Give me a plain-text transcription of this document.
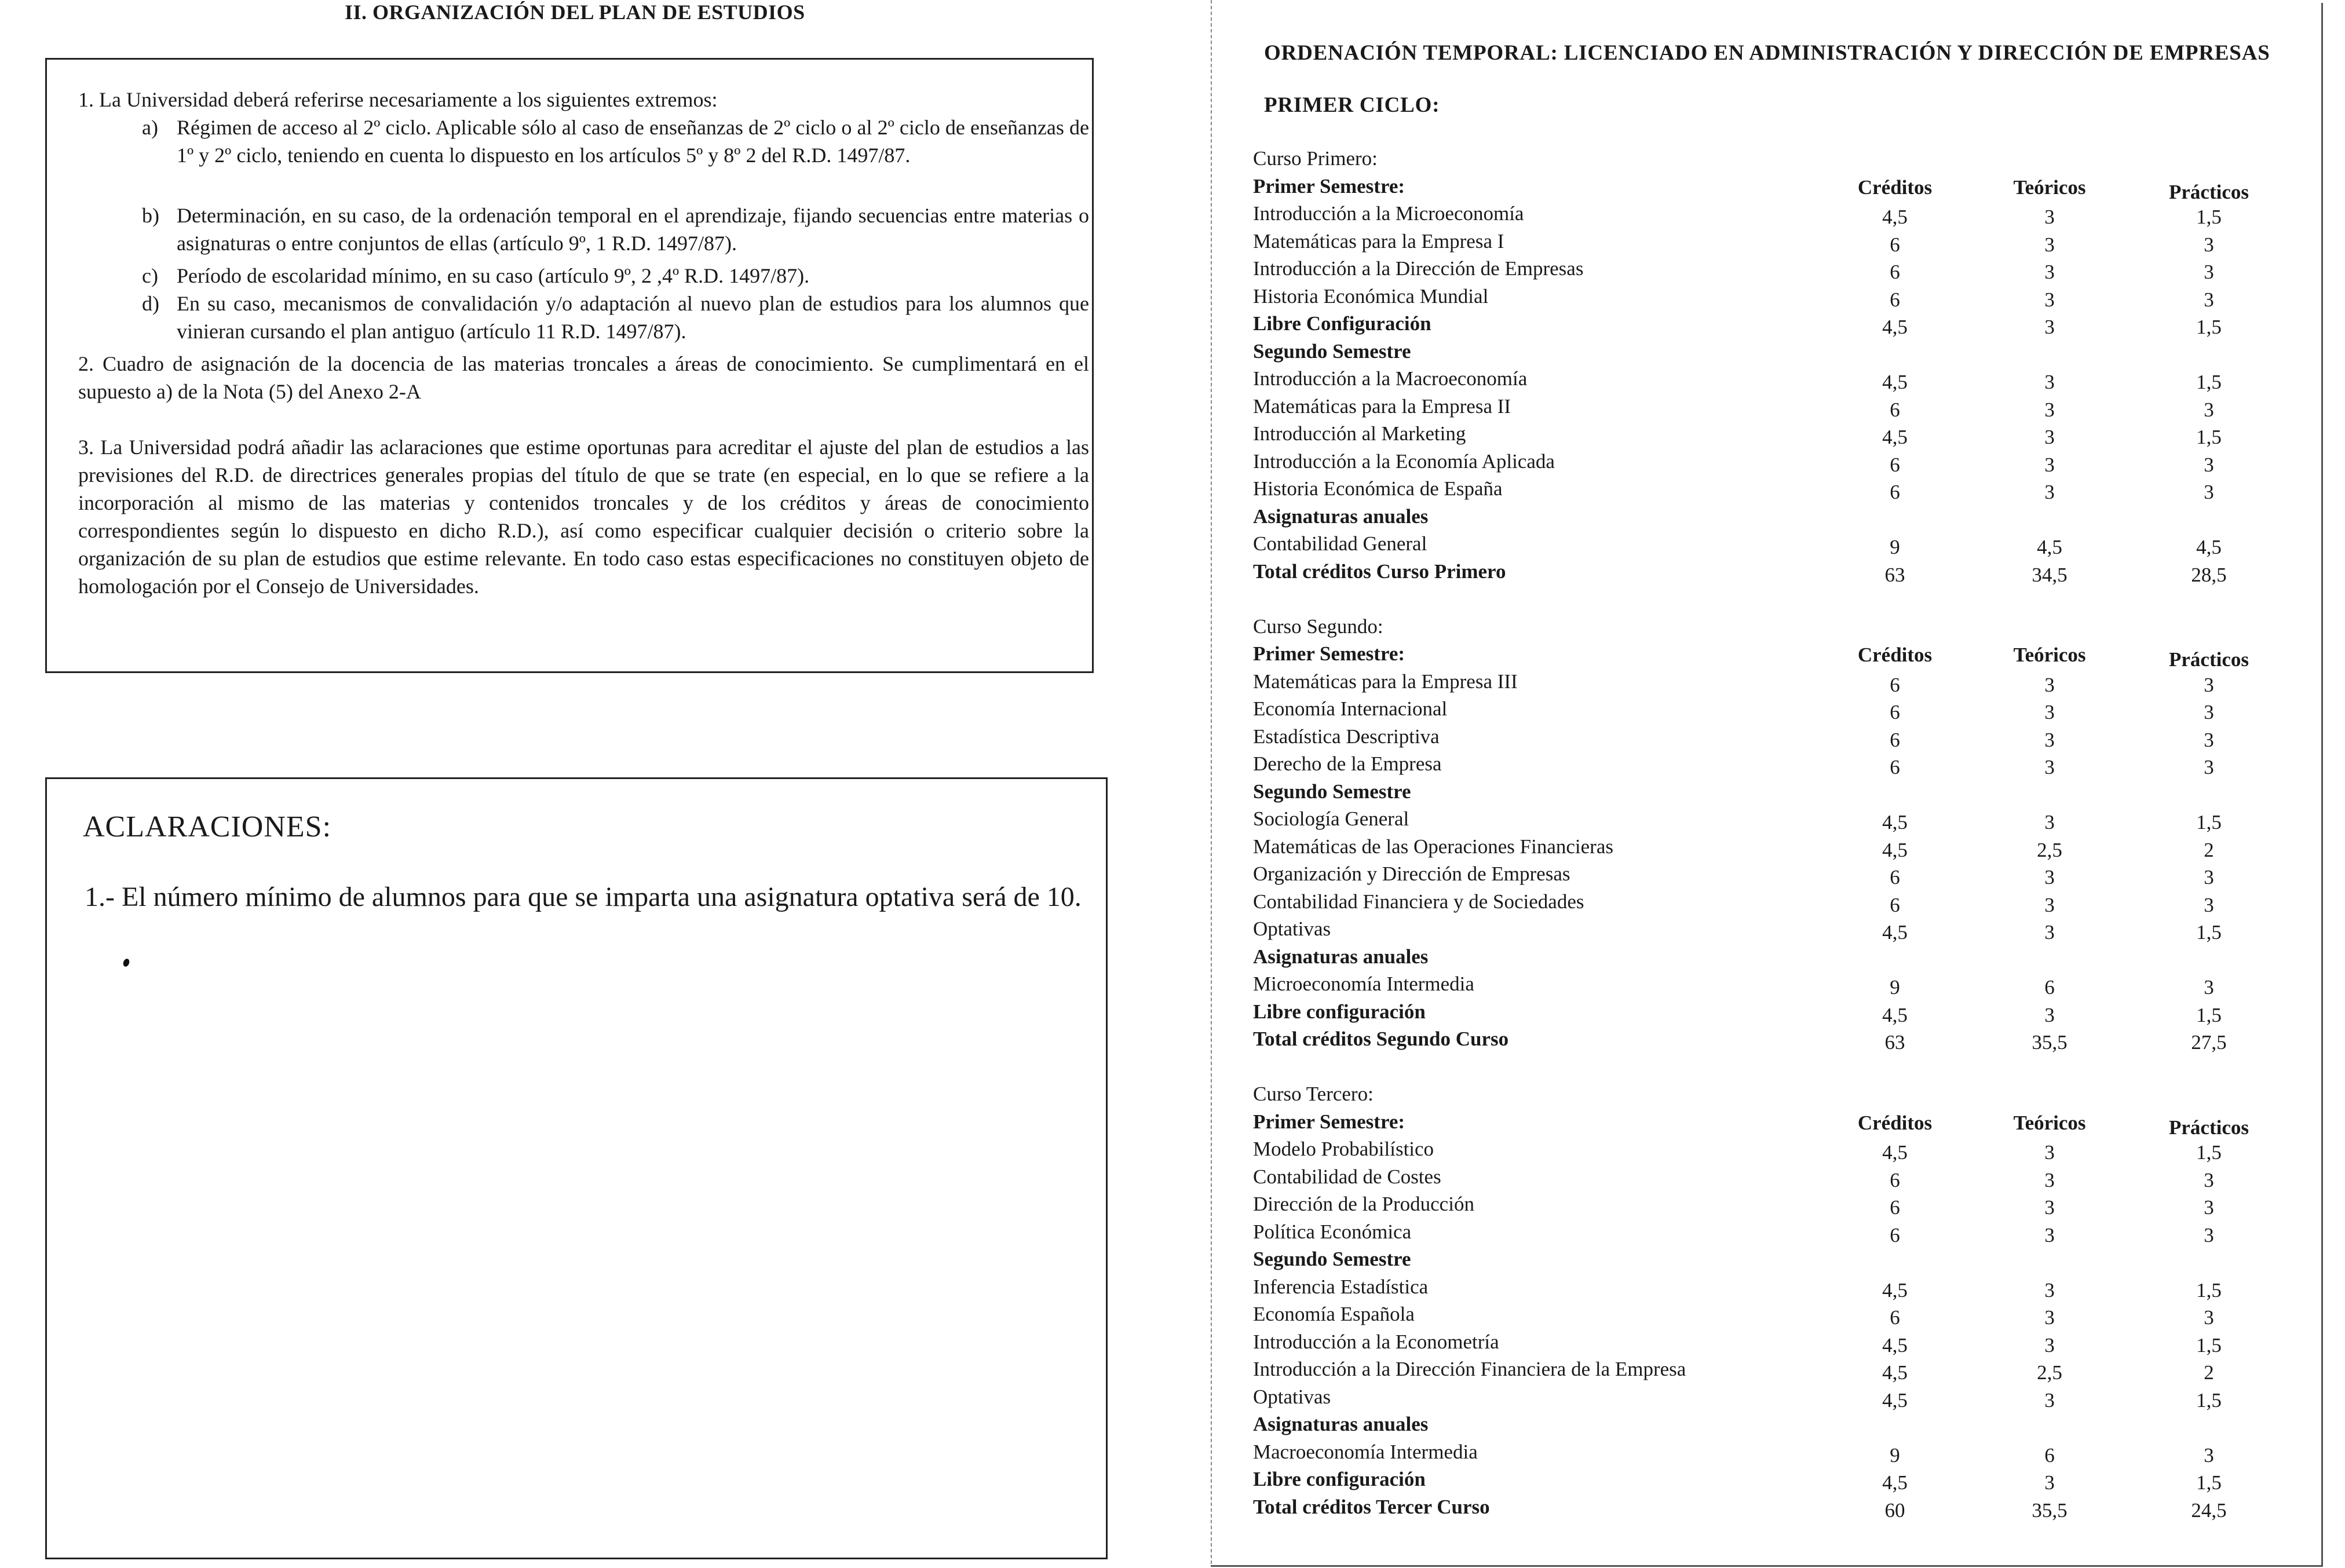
II. ORGANIZACIÓN DEL PLAN DE ESTUDIOS
1. La Universidad deberá referirse necesariamente a los siguientes extremos:
a) Régimen de acceso al 2º ciclo. Aplicable sólo al caso de enseñanzas de 2º ciclo o al 2º ciclo de enseñanzas de 1º y 2º ciclo, teniendo en cuenta lo dispuesto en los artículos 5º y 8º 2 del R.D. 1497/87.
b) Determinación, en su caso, de la ordenación temporal en el aprendizaje, fijando secuencias entre materias o asignaturas o entre conjuntos de ellas (artículo 9º, 1 R.D. 1497/87).
c) Período de escolaridad mínimo, en su caso (artículo 9º, 2 ,4º R.D. 1497/87).
d) En su caso, mecanismos de convalidación y/o adaptación al nuevo plan de estudios para los alumnos que vinieran cursando el plan antiguo (artículo 11 R.D. 1497/87).
2. Cuadro de asignación de la docencia de las materias troncales a áreas de conocimiento. Se cumplimentará en el supuesto a) de la Nota (5) del Anexo 2-A
3. La Universidad podrá añadir las aclaraciones que estime oportunas para acreditar el ajuste del plan de estudios a las previsiones del R.D. de directrices generales propias del título de que se trate (en especial, en lo que se refiere a la incorporación al mismo de las materias y contenidos troncales y de los créditos y áreas de conocimiento correspondientes según lo dispuesto en dicho R.D.), así como especificar cualquier decisión o criterio sobre la organización de su plan de estudios que estime relevante. En todo caso estas especificaciones no constituyen objeto de homologación por el Consejo de Universidades.
ACLARACIONES:
1.- El número mínimo de alumnos para que se imparta una asignatura optativa será de 10.
ORDENACIÓN TEMPORAL: LICENCIADO EN ADMINISTRACIÓN Y DIRECCIÓN DE EMPRESAS
PRIMER CICLO:
Curso Primero:
Primer Semestre:	Créditos	Teóricos	Prácticos
Introducción a la Microeconomía	4,5	3	1,5
Matemáticas para la Empresa I	6	3	3
Introducción a la Dirección de Empresas	6	3	3
Historia Económica Mundial	6	3	3
Libre Configuración	4,5	3	1,5
Segundo Semestre
Introducción a la Macroeconomía	4,5	3	1,5
Matemáticas para la Empresa II	6	3	3
Introducción al Marketing	4,5	3	1,5
Introducción a la Economía Aplicada	6	3	3
Historia Económica de España	6	3	3
Asignaturas anuales
Contabilidad General	9	4,5	4,5
Total créditos Curso Primero	63	34,5	28,5
Curso Segundo:
Primer Semestre:	Créditos	Teóricos	Prácticos
Matemáticas para la Empresa III	6	3	3
Economía Internacional	6	3	3
Estadística Descriptiva	6	3	3
Derecho de la Empresa	6	3	3
Segundo Semestre
Sociología General	4,5	3	1,5
Matemáticas de las Operaciones Financieras	4,5	2,5	2
Organización y Dirección de Empresas	6	3	3
Contabilidad Financiera y de Sociedades	6	3	3
Optativas	4,5	3	1,5
Asignaturas anuales
Microeconomía Intermedia	9	6	3
Libre configuración	4,5	3	1,5
Total créditos Segundo Curso	63	35,5	27,5
Curso Tercero:
Primer Semestre:	Créditos	Teóricos	Prácticos
Modelo Probabilístico	4,5	3	1,5
Contabilidad de Costes	6	3	3
Dirección de la Producción	6	3	3
Política Económica	6	3	3
Segundo Semestre
Inferencia Estadística	4,5	3	1,5
Economía Española	6	3	3
Introducción a la Econometría	4,5	3	1,5
Introducción a la Dirección Financiera de la Empresa	4,5	2,5	2
Optativas	4,5	3	1,5
Asignaturas anuales
Macroeconomía Intermedia	9	6	3
Libre configuración	4,5	3	1,5
Total créditos Tercer Curso	60	35,5	24,5
